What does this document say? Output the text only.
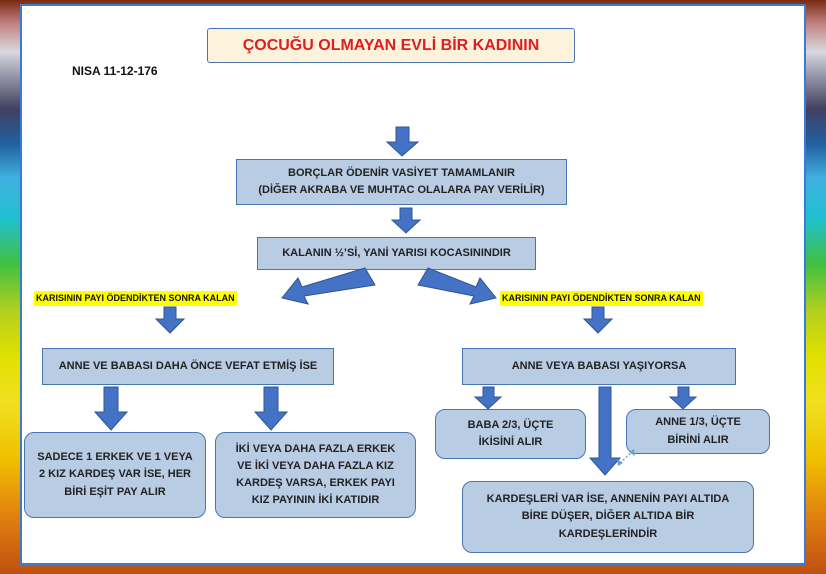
ÇOCUĞU OLMAYAN EVLİ BİR KADININ
NISA 11-12-176
BORÇLAR ÖDENİR VASİYET TAMAMLANIR
(DİĞER AKRABA VE MUHTAC OLALARA PAY VERİLİR)
KALANIN ½’Sİ, YANİ YARISI KOCASININDIR
KARISININ PAYI ÖDENDİKTEN SONRA KALAN	KARISININ PAYI ÖDENDİKTEN SONRA KALAN
ANNE VE BABASI DAHA ÖNCE VEFAT ETMİŞ İSE	ANNE VEYA BABASI YAŞIYORSA
SADECE 1 ERKEK VE 1 VEYA
2 KIZ KARDEŞ VAR İSE, HER
BİRİ EŞİT PAY ALIR
İKİ VEYA DAHA FAZLA ERKEK
VE İKİ VEYA DAHA FAZLA KIZ
KARDEŞ VARSA, ERKEK PAYI
KIZ PAYININ İKİ KATIDIR
BABA 2/3, ÜÇTE
İKİSİNİ ALIR
ANNE 1/3, ÜÇTE
BİRİNİ ALIR
KARDEŞLERİ VAR İSE, ANNENİN PAYI ALTIDA
BİRE DÜŞER, DİĞER ALTIDA BİR
KARDEŞLERİNDİR
